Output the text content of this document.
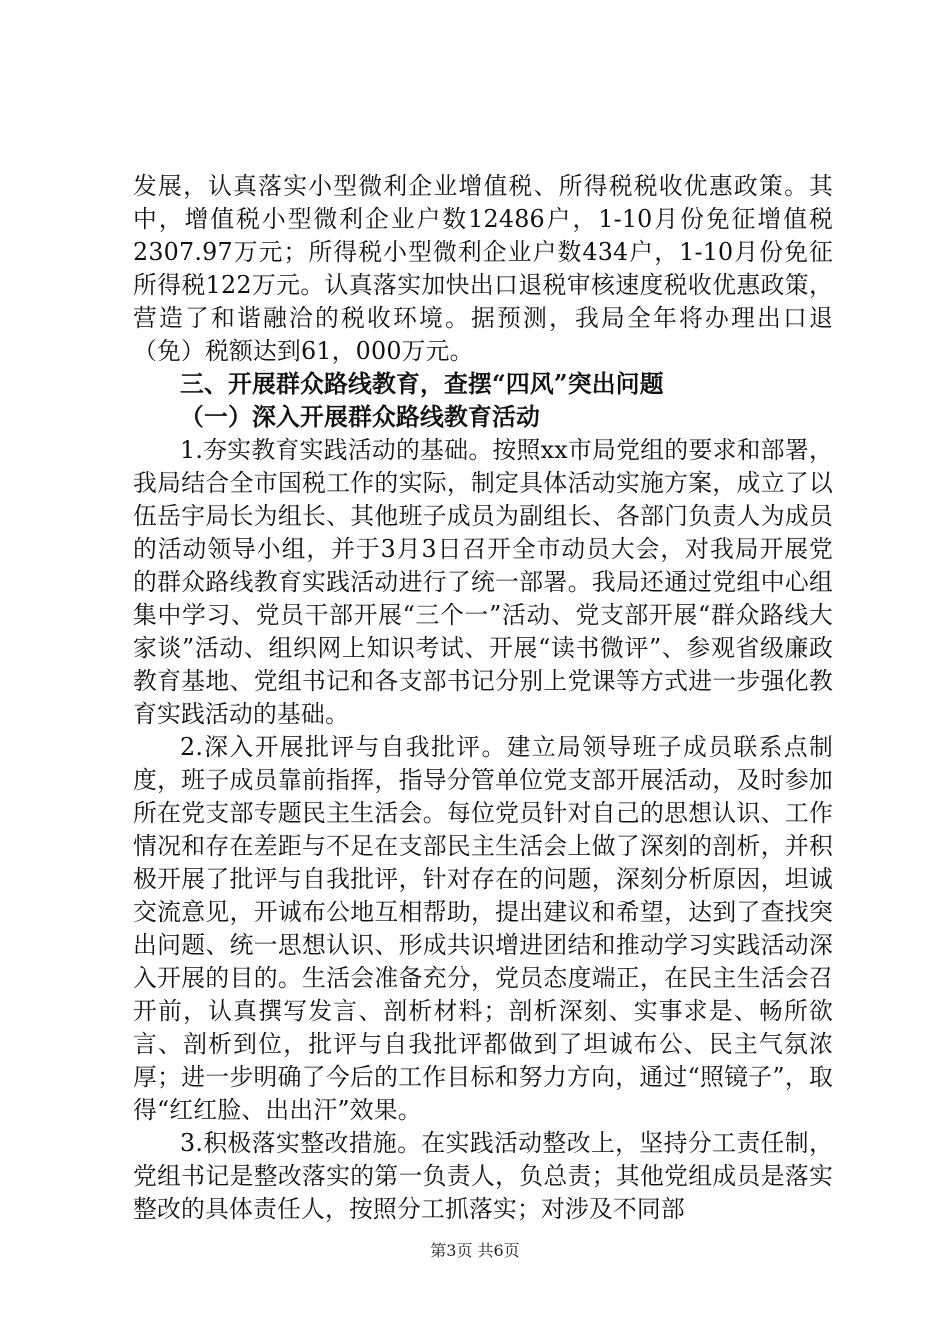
发展，认真落实小型微利企业增值税、所得税税收优惠政策。其中，增值税小型微利企业户数12486户，1-10月份免征增值税2307.97万元；所得税小型微利企业户数434户，1-10月份免征所得税122万元。认真落实加快出口退税审核速度税收优惠政策，营造了和谐融洽的税收环境。据预测，我局全年将办理出口退（免）税额达到61，000万元。

三、开展群众路线教育，查摆“四风”突出问题

（一）深入开展群众路线教育活动

1.夯实教育实践活动的基础。按照xx市局党组的要求和部署，我局结合全市国税工作的实际，制定具体活动实施方案，成立了以伍岳宇局长为组长、其他班子成员为副组长、各部门负责人为成员的活动领导小组，并于3月3日召开全市动员大会，对我局开展党的群众路线教育实践活动进行了统一部署。我局还通过党组中心组集中学习、党员干部开展“三个一”活动、党支部开展“群众路线大家谈”活动、组织网上知识考试、开展“读书微评”、参观省级廉政教育基地、党组书记和各支部书记分别上党课等方式进一步强化教育实践活动的基础。

2.深入开展批评与自我批评。建立局领导班子成员联系点制度，班子成员靠前指挥，指导分管单位党支部开展活动，及时参加所在党支部专题民主生活会。每位党员针对自己的思想认识、工作情况和存在差距与不足在支部民主生活会上做了深刻的剖析，并积极开展了批评与自我批评，针对存在的问题，深刻分析原因，坦诚交流意见，开诚布公地互相帮助，提出建议和希望，达到了查找突出问题、统一思想认识、形成共识增进团结和推动学习实践活动深入开展的目的。生活会准备充分，党员态度端正，在民主生活会召开前，认真撰写发言、剖析材料；剖析深刻、实事求是、畅所欲言、剖析到位，批评与自我批评都做到了坦诚布公、民主气氛浓厚；进一步明确了今后的工作目标和努力方向，通过“照镜子”，取得“红红脸、出出汗”效果。

3.积极落实整改措施。在实践活动整改上，坚持分工责任制，党组书记是整改落实的第一负责人，负总责；其他党组成员是落实整改的具体责任人，按照分工抓落实；对涉及不同部

第3页 共6页
